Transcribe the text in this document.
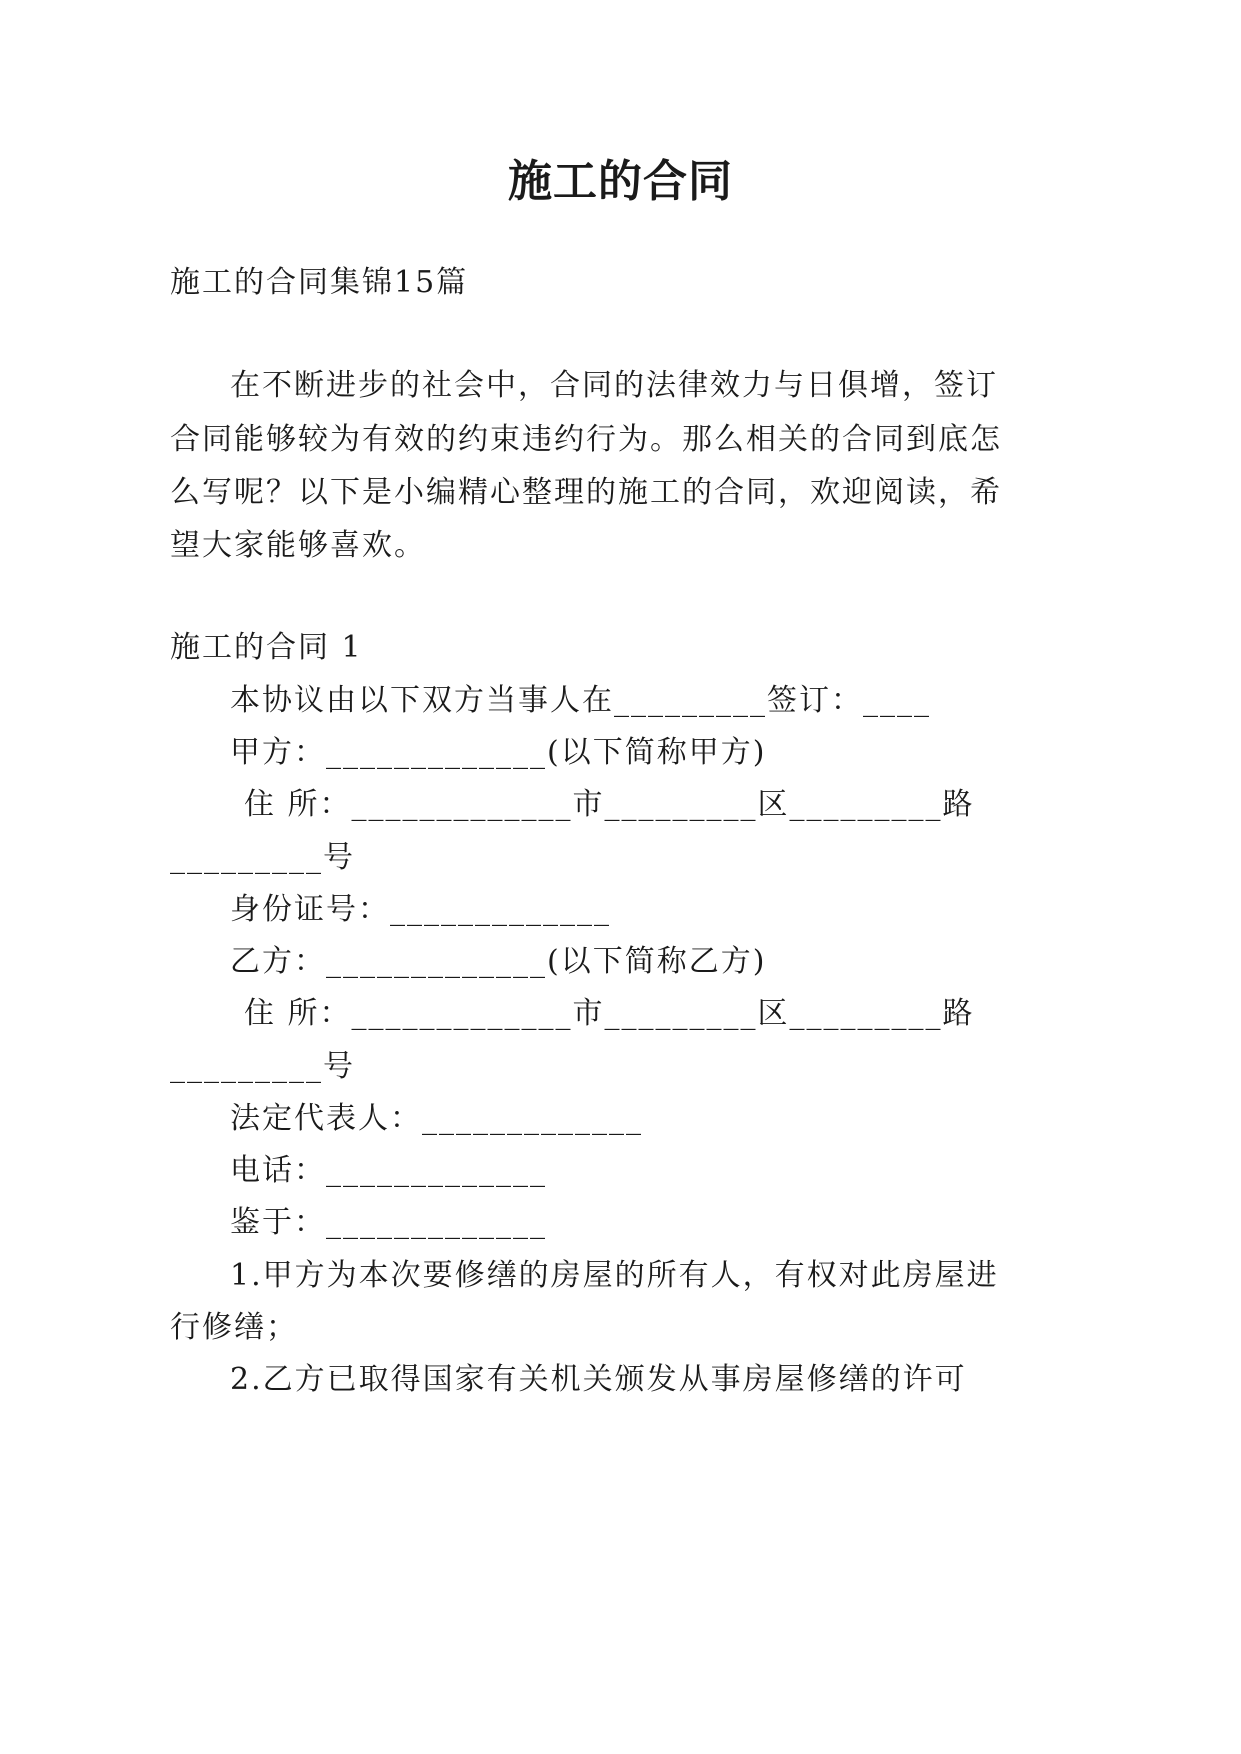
施工的合同
施工的合同集锦15篇
在不断进步的社会中，合同的法律效力与日俱增，签订
合同能够较为有效的约束违约行为。那么相关的合同到底怎
么写呢？以下是小编精心整理的施工的合同，欢迎阅读，希
望大家能够喜欢。
施工的合同 1
本协议由以下双方当事人在_________签订：____
甲方：_____________(以下简称甲方)
住 所：_____________ 市_________ 区_________ 路
_________号
身份证号：_____________
乙方：_____________(以下简称乙方)
住 所：_____________ 市_________ 区_________ 路
_________号
法定代表人：_____________
电话：_____________
鉴于：_____________
1.甲方为本次要修缮的房屋的所有人，有权对此房屋进
行修缮；
2.乙方已取得国家有关机关颁发从事房屋修缮的许可
